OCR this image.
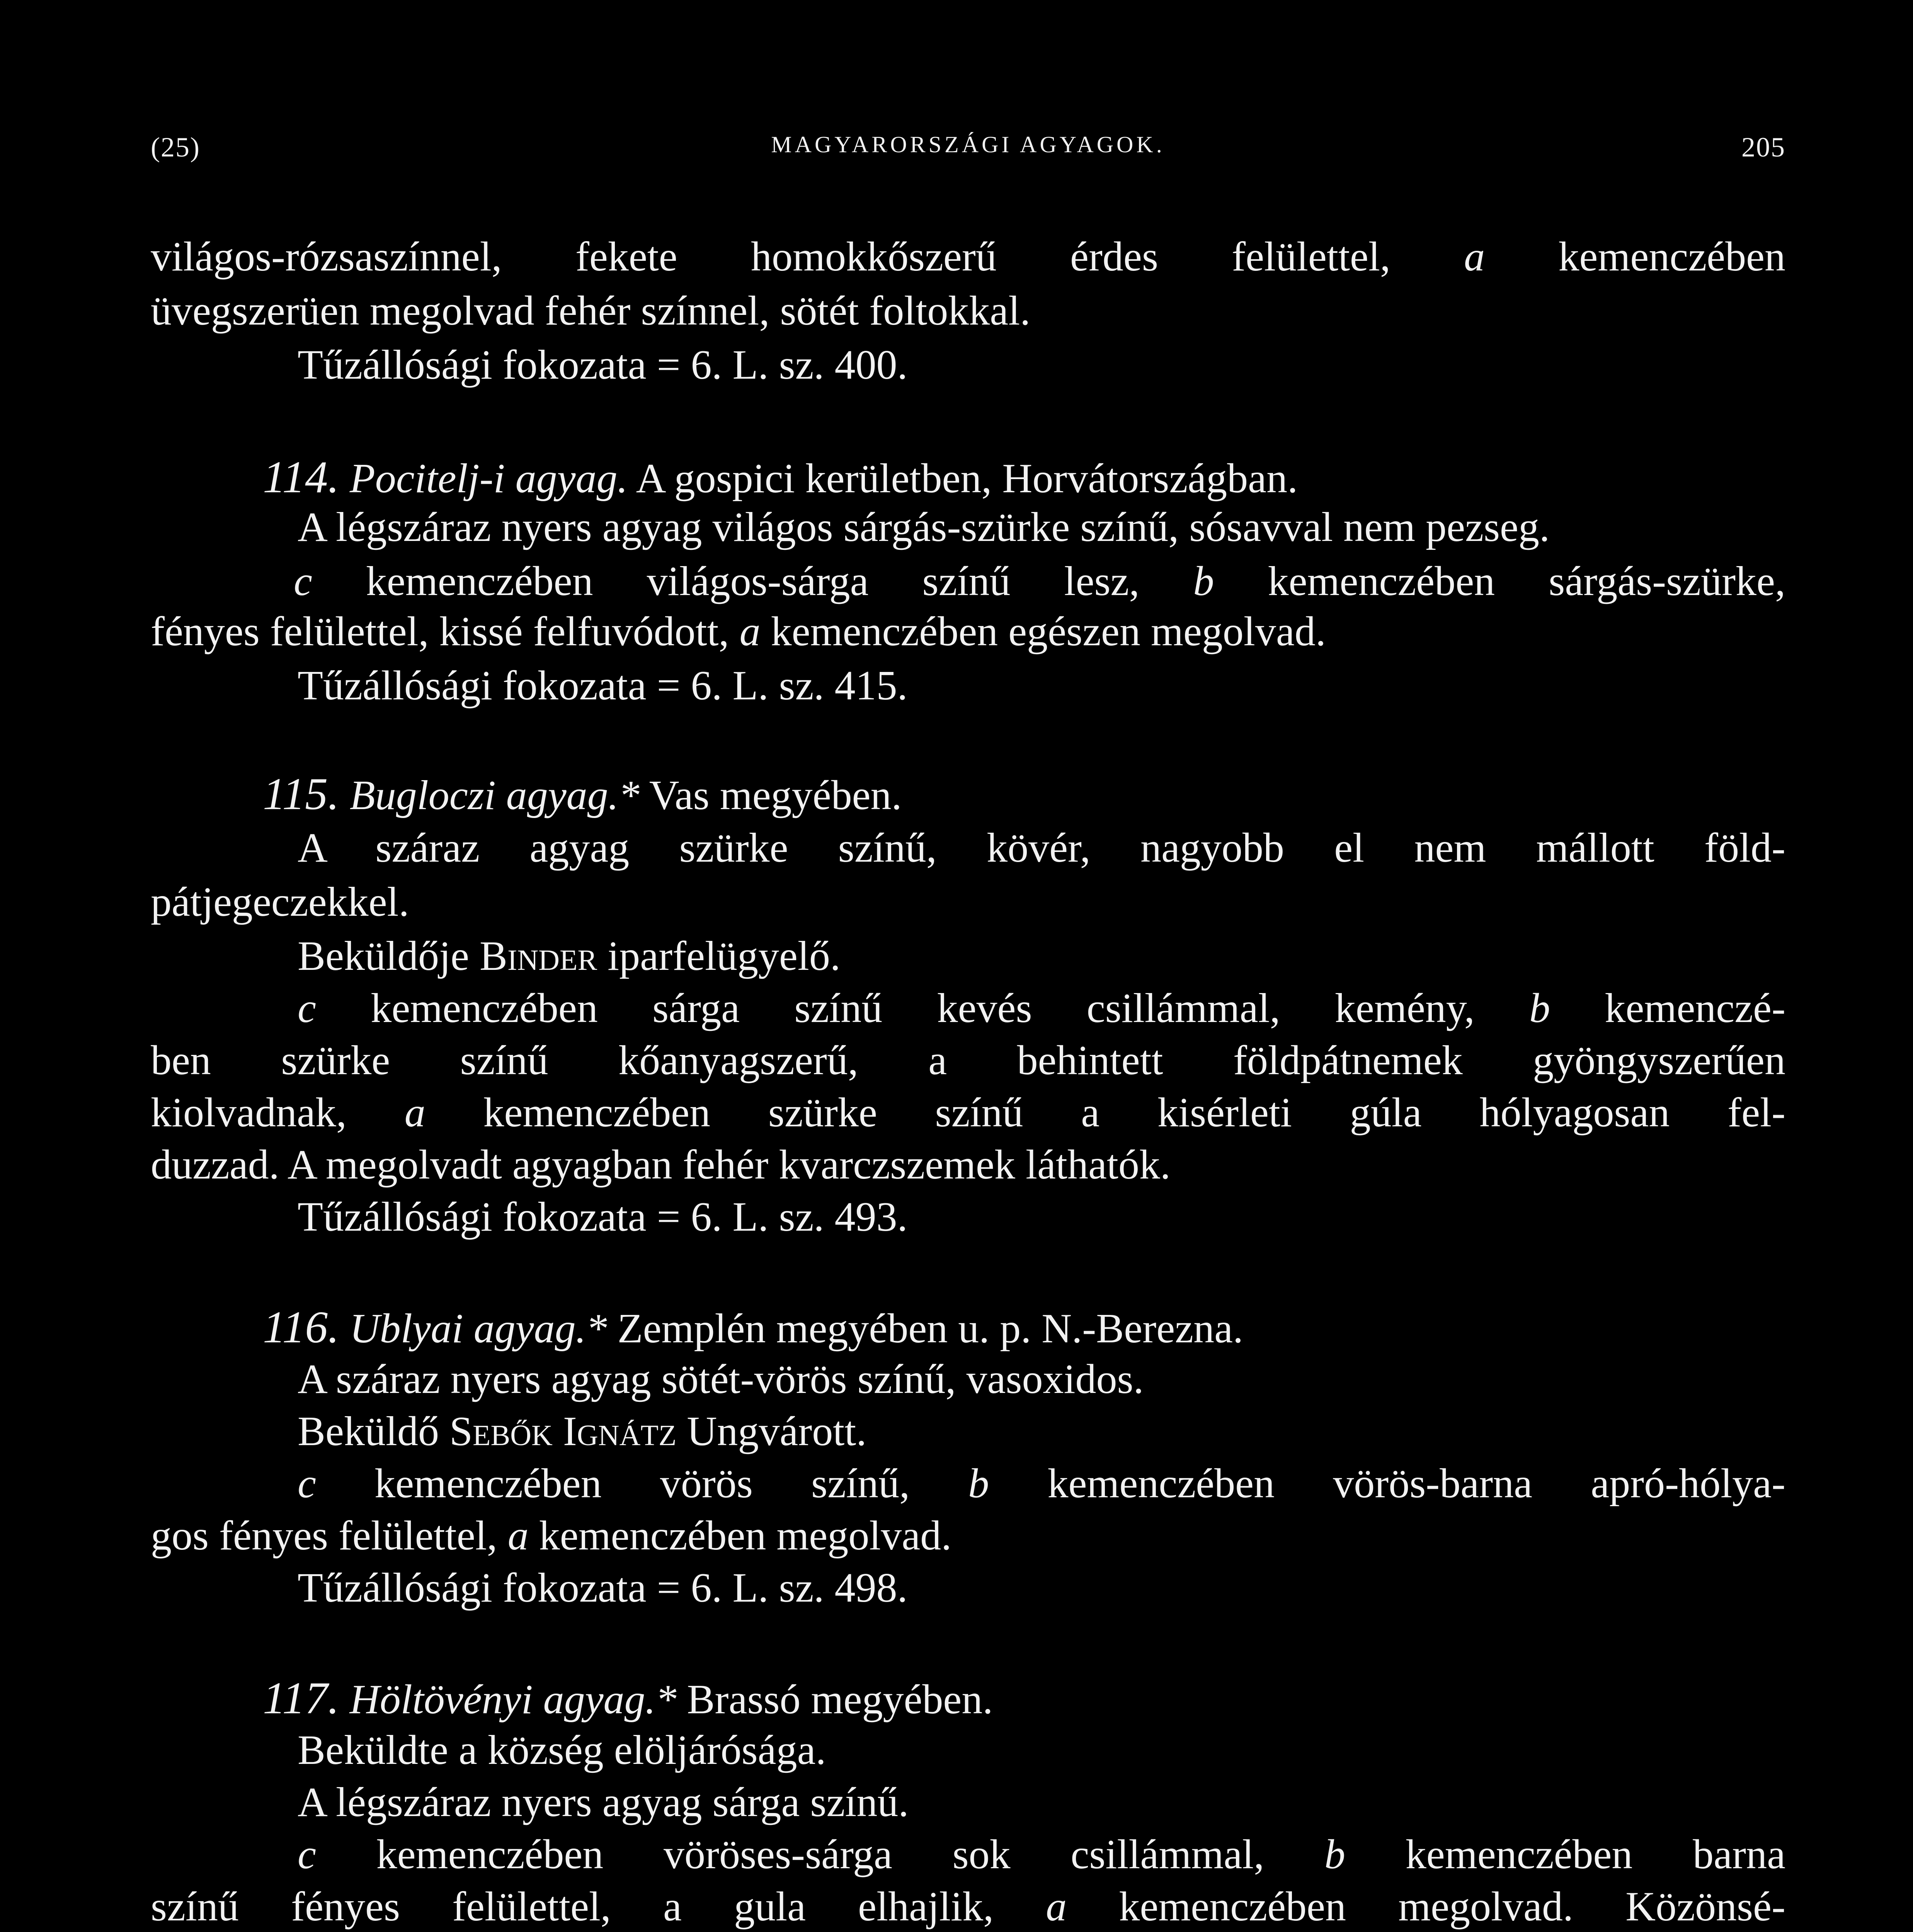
(25)	MAGYARORSZÁGI AGYAGOK.	205
világos-rózsaszínnel, fekete homokkőszerű érdes felülettel, a kemenczében
üvegszerüen megolvad fehér színnel, sötét foltokkal.
Tűzállósági fokozata = 6. L. sz. 400.
114. Pocitelj-i agyag. A gospici kerületben, Horvátországban.
A légszáraz nyers agyag világos sárgás-szürke színű, sósavval nem pezseg.
c kemenczében világos-sárga színű lesz, b kemenczében sárgás-szürke,
fényes felülettel, kissé felfuvódott, a kemenczében egészen megolvad.
Tűzállósági fokozata = 6. L. sz. 415.
115. Bugloczi agyag.* Vas megyében.
A száraz agyag szürke színű, kövér, nagyobb el nem mállott föld-
pátjegeczekkel.
Beküldője Binder iparfelügyelő.
c kemenczében sárga színű kevés csillámmal, kemény, b kemenczé-
ben szürke színű kőanyagszerű, a behintett földpátnemek gyöngyszerűen
kiolvadnak, a kemenczében szürke színű a kisérleti gúla hólyagosan fel-
duzzad. A megolvadt agyagban fehér kvarczszemek láthatók.
Tűzállósági fokozata = 6. L. sz. 493.
116. Ublyai agyag.* Zemplén megyében u. p. N.-Berezna.
A száraz nyers agyag sötét-vörös színű, vasoxidos.
Beküldő Sebők Ignátz Ungvárott.
c kemenczében vörös színű, b kemenczében vörös-barna apró-hólya-
gos fényes felülettel, a kemenczében megolvad.
Tűzállósági fokozata = 6. L. sz. 498.
117. Höltövényi agyag.* Brassó megyében.
Beküldte a község elöljárósága.
A légszáraz nyers agyag sárga színű.
c kemenczében vöröses-sárga sok csillámmal, b kemenczében barna
színű fényes felülettel, a gula elhajlik, a kemenczében megolvad. Közönsé-
